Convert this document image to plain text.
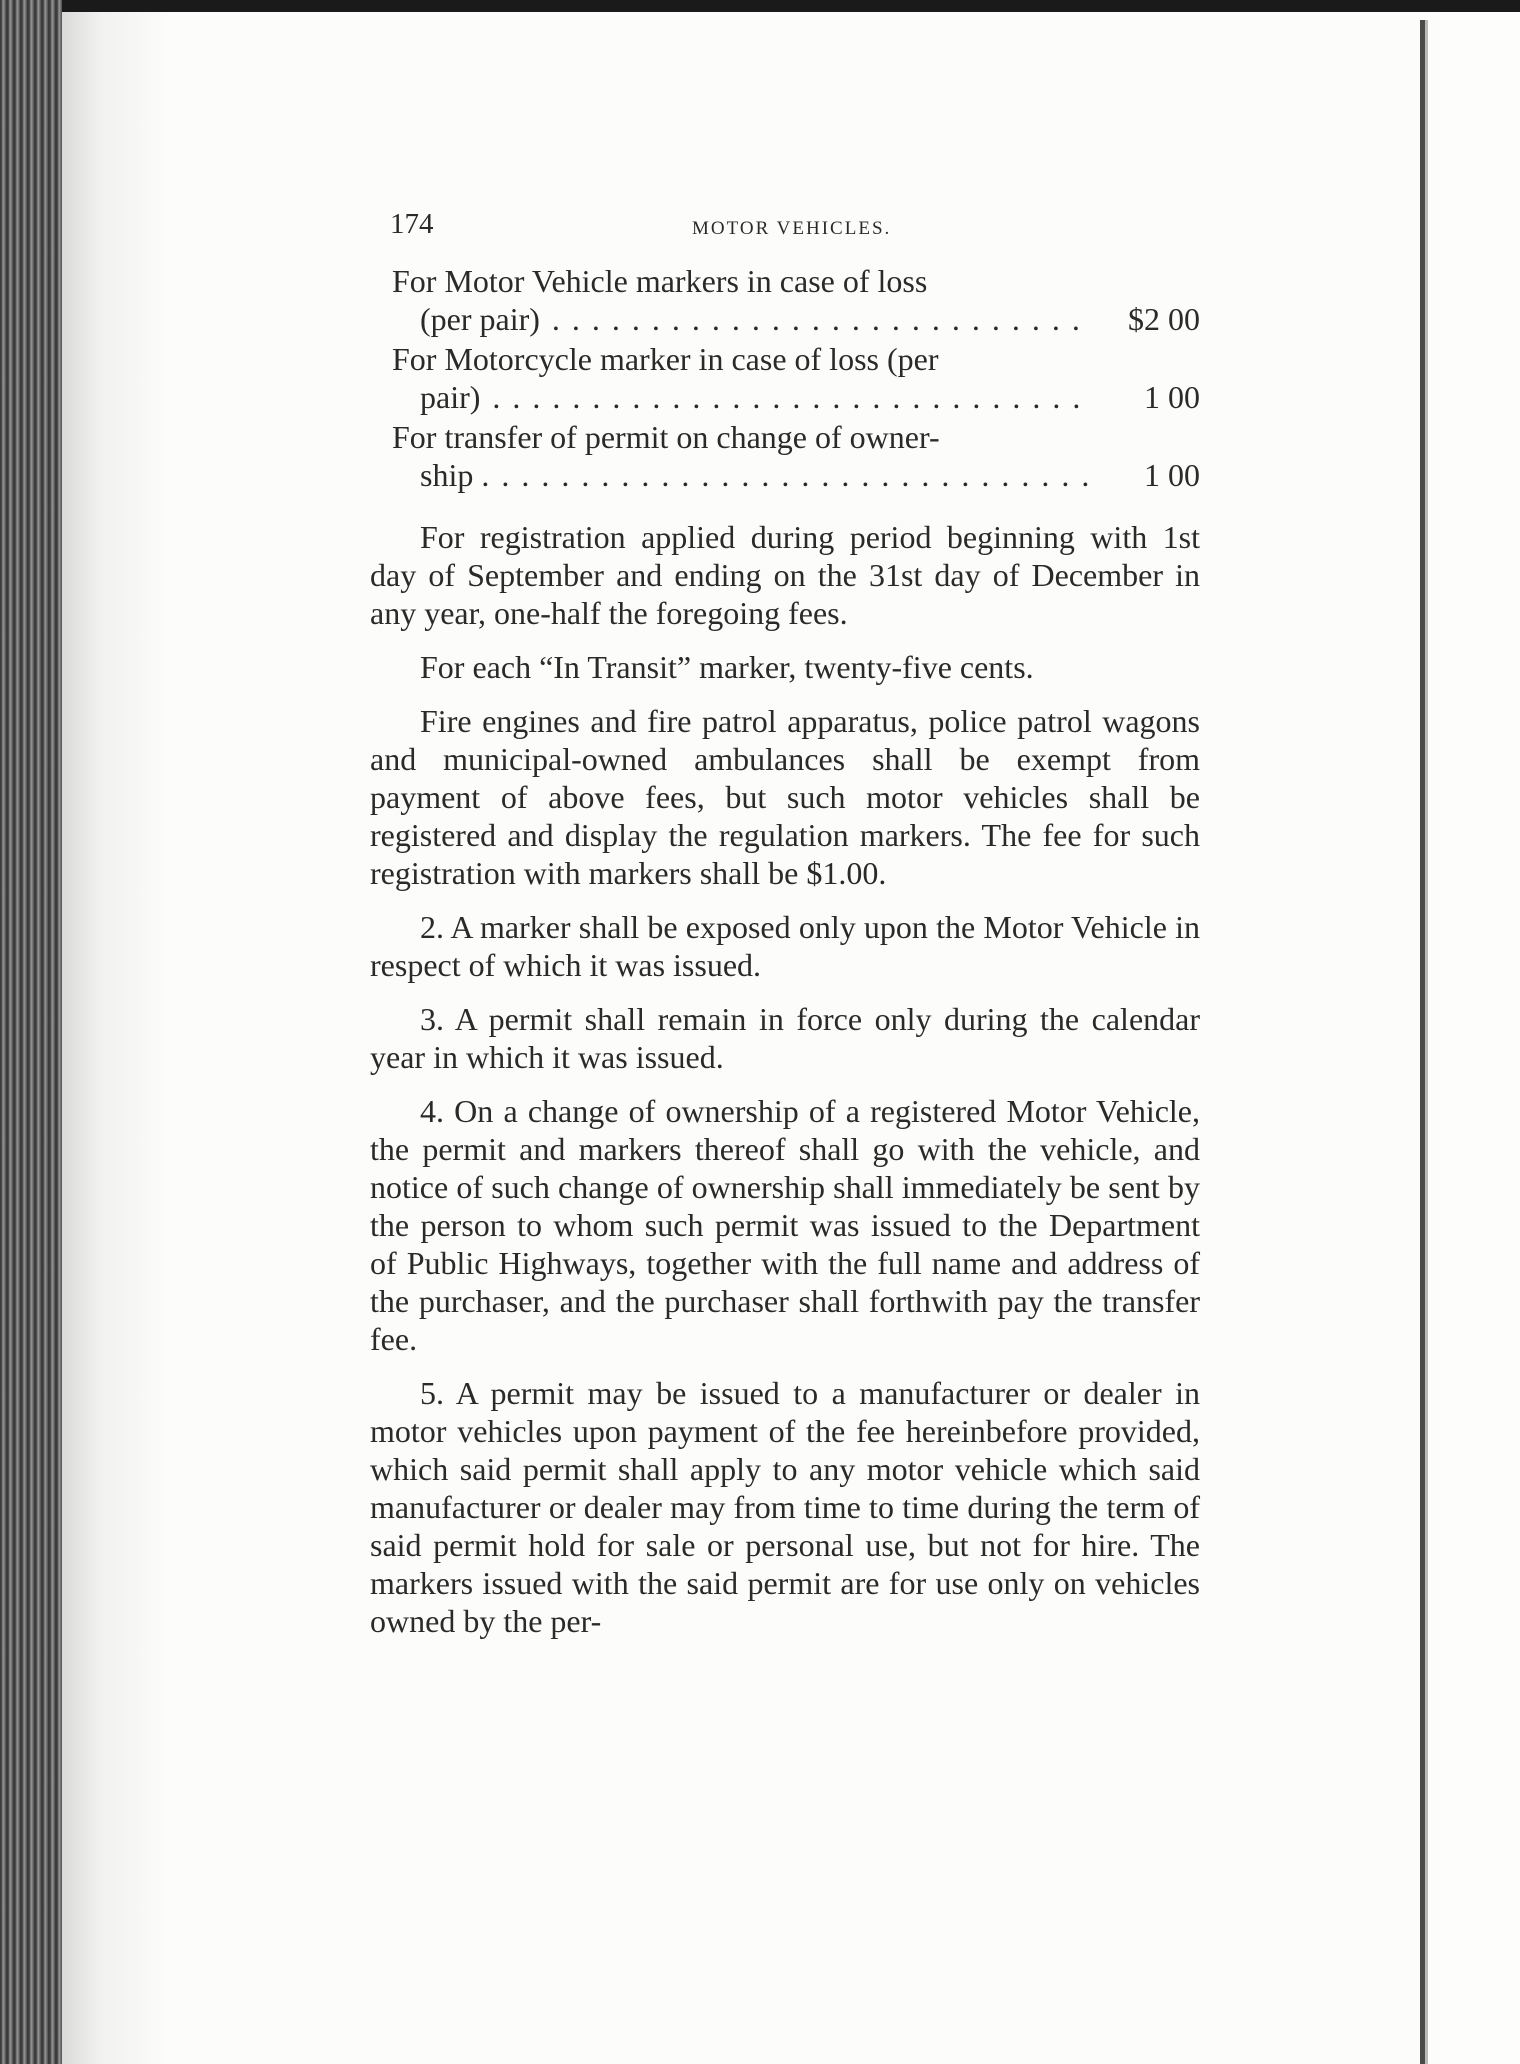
174	MOTOR VEHICLES.
For Motor Vehicle markers in case of loss
(per pair) . . .	$2 00
For Motorcycle marker in case of loss (per
pair) . . .	1 00
For transfer of permit on change of owner-
ship . . . .	1 00

For registration applied during period beginning with 1st day of September and ending on the 31st day of December in any year, one-half the foregoing fees.

For each “In Transit” marker, twenty-five cents.

Fire engines and fire patrol apparatus, police patrol wagons and municipal-owned ambulances shall be exempt from payment of above fees, but such motor vehicles shall be registered and display the regulation markers. The fee for such registration with markers shall be $1.00.

2. A marker shall be exposed only upon the Motor Vehicle in respect of which it was issued.

3. A permit shall remain in force only during the calendar year in which it was issued.

4. On a change of ownership of a registered Motor Vehicle, the permit and markers thereof shall go with the vehicle, and notice of such change of ownership shall immediately be sent by the person to whom such permit was issued to the Department of Public Highways, together with the full name and address of the purchaser, and the purchaser shall forthwith pay the transfer fee.

5. A permit may be issued to a manufacturer or dealer in motor vehicles upon payment of the fee hereinbefore provided, which said permit shall apply to any motor vehicle which said manufacturer or dealer may from time to time during the term of said permit hold for sale or personal use, but not for hire. The markers issued with the said permit are for use only on vehicles owned by the per-
